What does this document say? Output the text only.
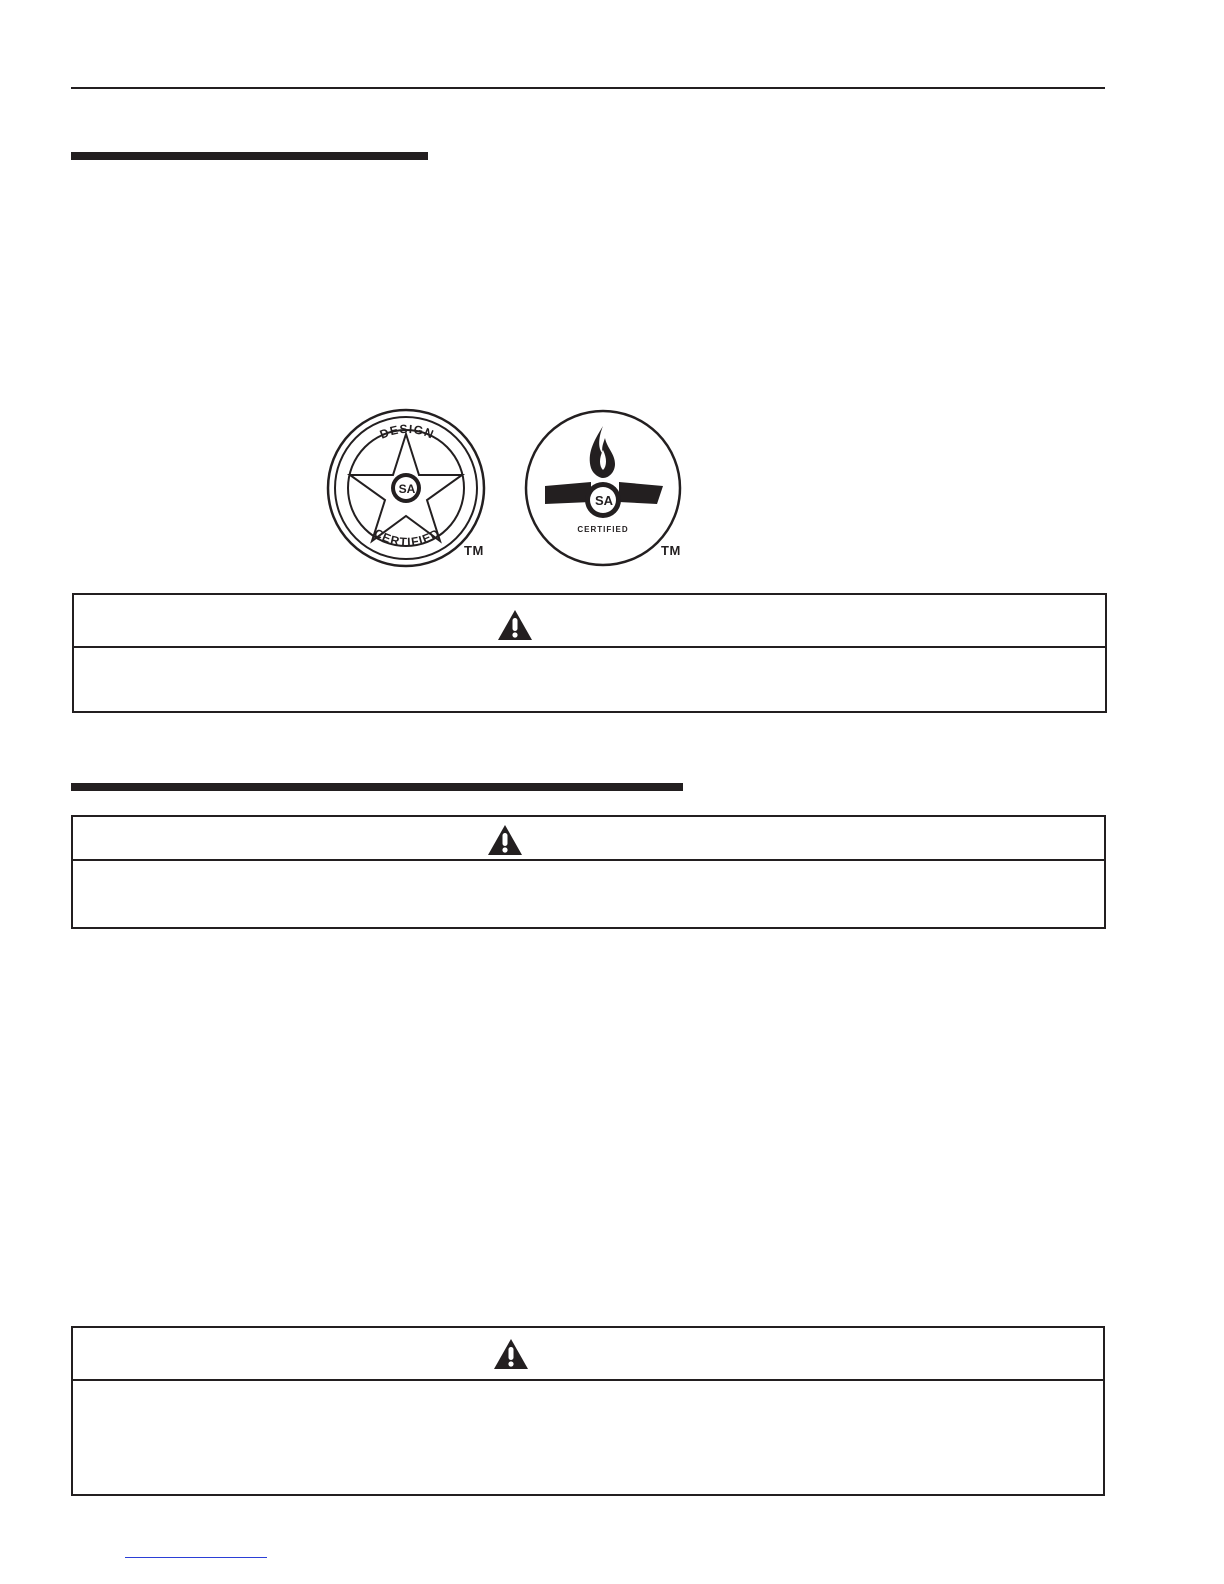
DESIGN
CERTIFIED
SA
TM
SA
CERTIFIED
TM
